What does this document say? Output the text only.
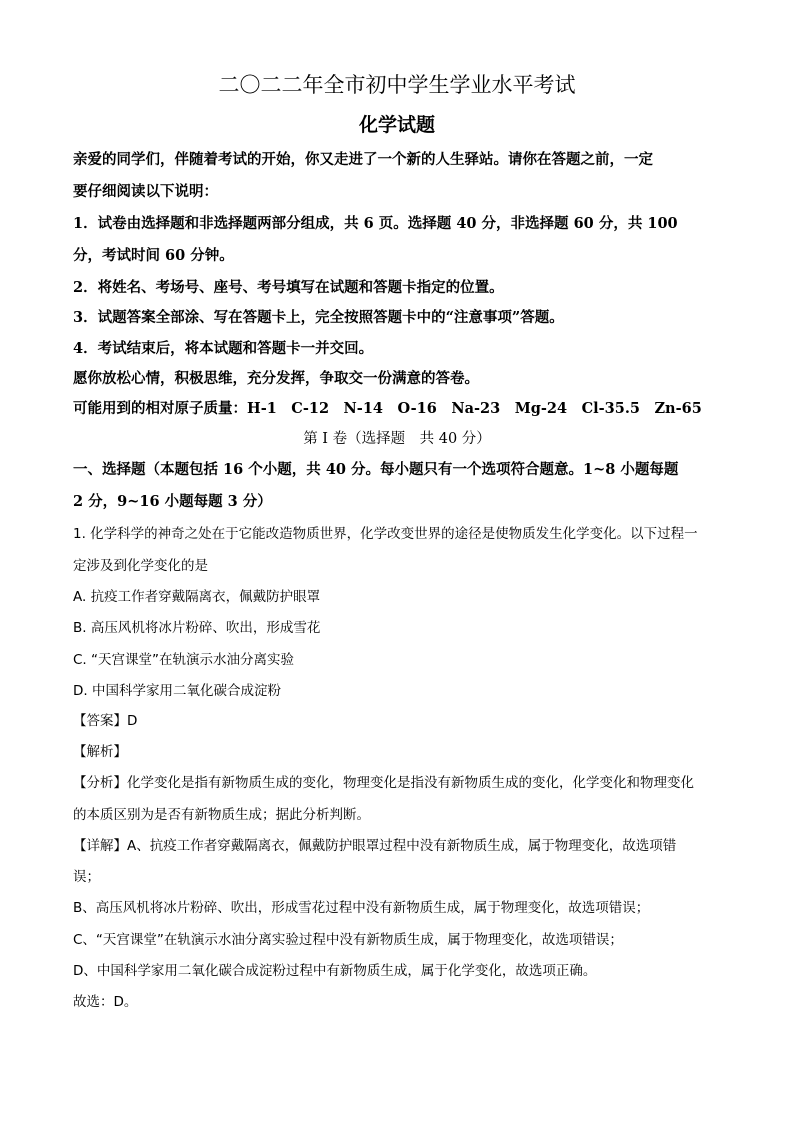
二〇二二年全市初中学生学业水平考试
化学试题
亲爱的同学们，伴随着考试的开始，你又走进了一个新的人生驿站。请你在答题之前，一定
要仔细阅读以下说明：
1．试卷由选择题和非选择题两部分组成，共 6 页。选择题 40 分，非选择题 60 分，共 100
分，考试时间 60 分钟。
2．将姓名、考场号、座号、考号填写在试题和答题卡指定的位置。
3．试题答案全部涂、写在答题卡上，完全按照答题卡中的“注意事项”答题。
4．考试结束后，将本试题和答题卡一并交回。
愿你放松心情，积极思维，充分发挥，争取交一份满意的答卷。
可能用到的相对原子质量：H-1　C-12　N-14　O-16　Na-23　Mg-24　Cl-35.5　Zn-65
第 I 卷（选择题　共 40 分）
一、选择题（本题包括 16 个小题，共 40 分。每小题只有一个选项符合题意。1~8 小题每题
2 分，9~16 小题每题 3 分）
1. 化学科学的神奇之处在于它能改造物质世界，化学改变世界的途径是使物质发生化学变化。以下过程一
定涉及到化学变化的是
A. 抗疫工作者穿戴隔离衣，佩戴防护眼罩
B. 高压风机将冰片粉碎、吹出，形成雪花
C. “天宫课堂”在轨演示水油分离实验
D. 中国科学家用二氧化碳合成淀粉
【答案】D
【解析】
【分析】化学变化是指有新物质生成的变化，物理变化是指没有新物质生成的变化，化学变化和物理变化
的本质区别为是否有新物质生成；据此分析判断。
【详解】A、抗疫工作者穿戴隔离衣，佩戴防护眼罩过程中没有新物质生成，属于物理变化，故选项错
误；
B、高压风机将冰片粉碎、吹出，形成雪花过程中没有新物质生成，属于物理变化，故选项错误；
C、“天宫课堂”在轨演示水油分离实验过程中没有新物质生成，属于物理变化，故选项错误；
D、中国科学家用二氧化碳合成淀粉过程中有新物质生成，属于化学变化，故选项正确。
故选：D。
